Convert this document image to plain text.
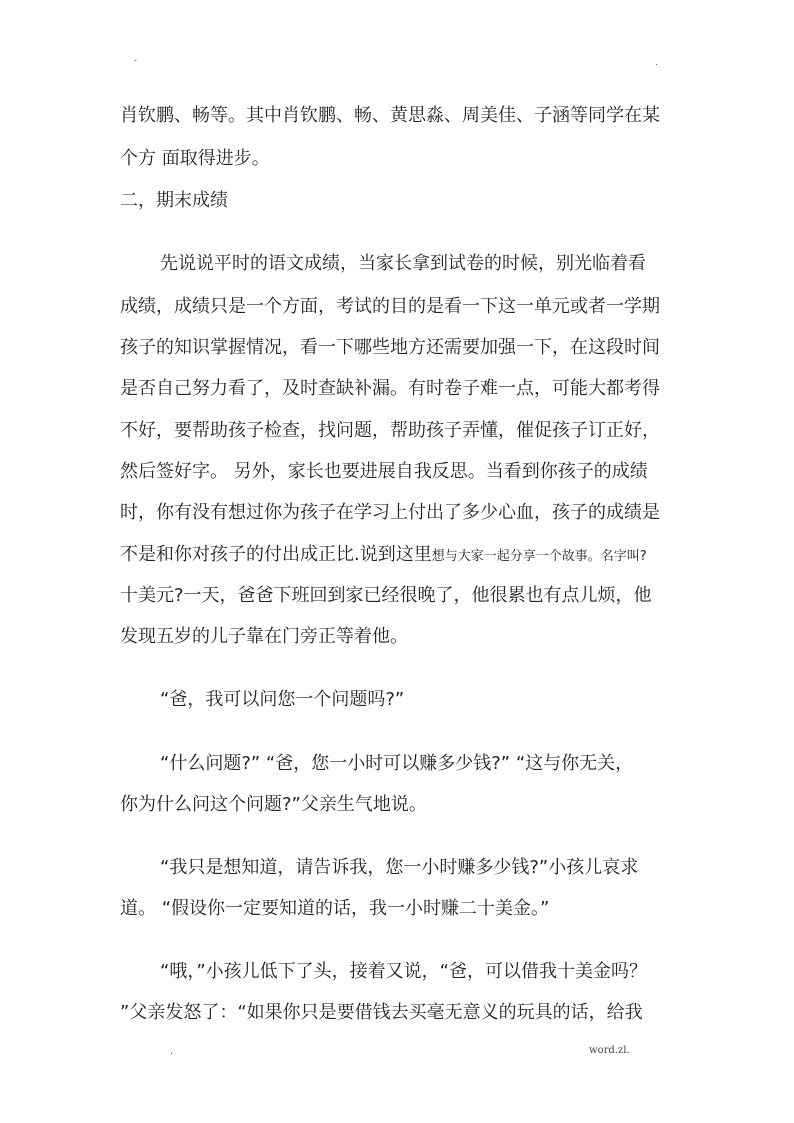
-	.
肖钦鹏、畅等。其中肖钦鹏、畅、黄思淼、周美佳、子涵等同学在某
个方 面取得进步。
二，期末成绩
先说说平时的语文成绩，当家长拿到试卷的时候，别光临着看
成绩，成绩只是一个方面，考试的目的是看一下这一单元或者一学期
孩子的知识掌握情况，看一下哪些地方还需要加强一下，在这段时间
是否自己努力看了，及时查缺补漏。有时卷子难一点，可能大都考得
不好，要帮助孩子检查，找问题，帮助孩子弄懂，催促孩子订正好，
然后签好字。 另外，家长也要进展自我反思。当看到你孩子的成绩
时，你有没有想过你为孩子在学习上付出了多少心血，孩子的成绩是
不是和你对孩子的付出成正比.说到这里想与大家一起分享一个故事。名字叫?
十美元?一天，爸爸下班回到家已经很晚了，他很累也有点儿烦，他
发现五岁的儿子靠在门旁正等着他。
“爸，我可以问您一个问题吗?”
“什么问题?” “爸，您一小时可以赚多少钱?” “这与你无关，
你为什么问这个问题?”父亲生气地说。
“我只是想知道，请告诉我，您一小时赚多少钱?”小孩儿哀求
道。 “假设你一定要知道的话，我一小时赚二十美金。”
“哦，”小孩儿低下了头，接着又说，“爸，可以借我十美金吗？
”父亲发怒了：“如果你只是要借钱去买毫无意义的玩具的话，给我
.	word.zl.
